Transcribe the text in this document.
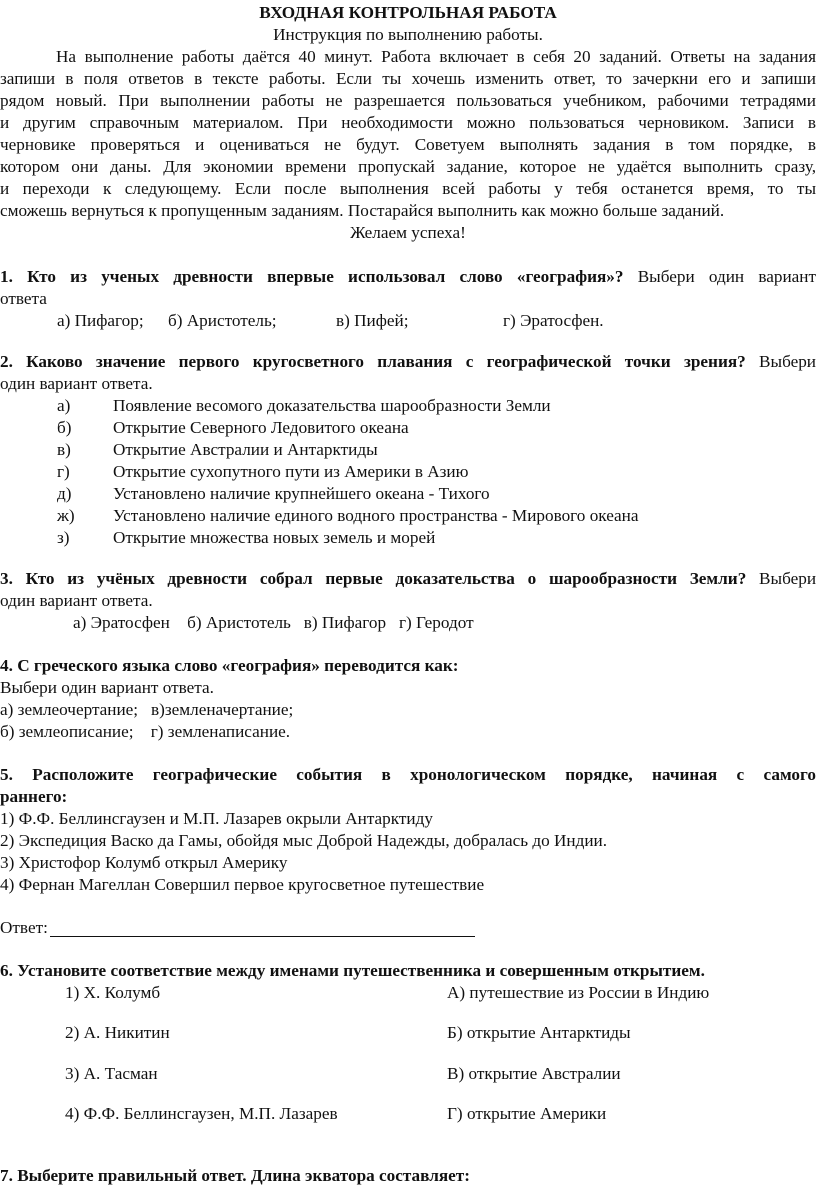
ВХОДНАЯ КОНТРОЛЬНАЯ РАБОТА
Инструкция по выполнению работы.
На выполнение работы даётся 40 минут. Работа включает в себя 20 заданий. Ответы на задания
запиши в поля ответов в тексте работы. Если ты хочешь изменить ответ, то зачеркни его и запиши
рядом новый. При выполнении работы не разрешается пользоваться учебником, рабочими тетрадями
и другим справочным материалом. При необходимости можно пользоваться черновиком. Записи в
черновике проверяться и оцениваться не будут. Советуем выполнять задания в том порядке, в
котором они даны. Для экономии времени пропускай задание, которое не удаётся выполнить сразу,
и переходи к следующему. Если после выполнения всей работы у тебя останется время, то ты
сможешь вернуться к пропущенным заданиям. Постарайся выполнить как можно больше заданий.
Желаем успеха!
1. Кто из ученых древности впервые использовал слово «география»? Выбери один вариант
ответа
а) Пифагор; б) Аристотель;	в) Пифей;	г) Эратосфен.
2. Каково значение первого кругосветного плавания с географической точки зрения? Выбери
один вариант ответа.
а) Появление весомого доказательства шарообразности Земли
б) Открытие Северного Ледовитого океана
в) Открытие Австралии и Антарктиды
г)	Открытие сухопутного пути из Америки в Азию
д) Установлено наличие крупнейшего океана - Тихого
ж) Установлено наличие единого водного пространства - Мирового океана
з)	Открытие множества новых земель и морей
3. Кто из учёных древности собрал первые доказательства о шарообразности Земли? Выбери
один вариант ответа.
а) Эратосфен    б) Аристотель   в) Пифагор   г) Геродот
4. С греческого языка слово «география» переводится как:
Выбери один вариант ответа.
а) землеочертание;   в)земленачертание;
б) землеописание;    г) земленаписание.
5. Расположите географические события в хронологическом порядке, начиная с самого
раннего:
1) Ф.Ф. Беллинсгаузен и М.П. Лазарев окрыли Антарктиду
2) Экспедиция Васко да Гамы, обойдя мыс Доброй Надежды, добралась до Индии.
3) Христофор Колумб открыл Америку
4) Фернан Магеллан Совершил первое кругосветное путешествие
Ответ:
6. Установите соответствие между именами путешественника и совершенным открытием.
1) Х. Колумб	А) путешествие из России в Индию
2) А. Никитин	Б) открытие Антарктиды
3) А. Тасман	В) открытие Австралии
4) Ф.Ф. Беллинсгаузен, М.П. Лазарев	Г) открытие Америки
7. Выберите правильный ответ. Длина экватора составляет:
